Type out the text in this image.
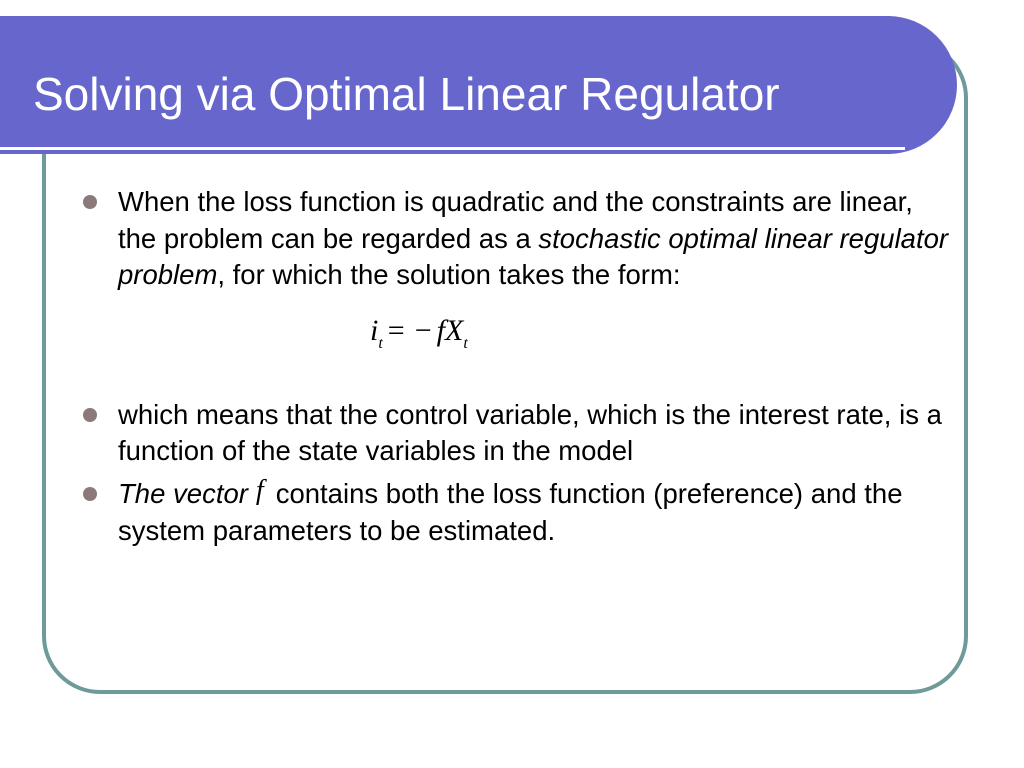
Solving via Optimal Linear Regulator
When the loss function is quadratic and the constraints are linear, the problem can be regarded as a stochastic optimal linear regulator problem, for which the solution takes the form:
$i_t$ = − $fX_t$
which means that the control variable, which is the interest rate, is a function of the state variables in the model
The vector f contains both the loss function (preference) and the system parameters to be estimated.
